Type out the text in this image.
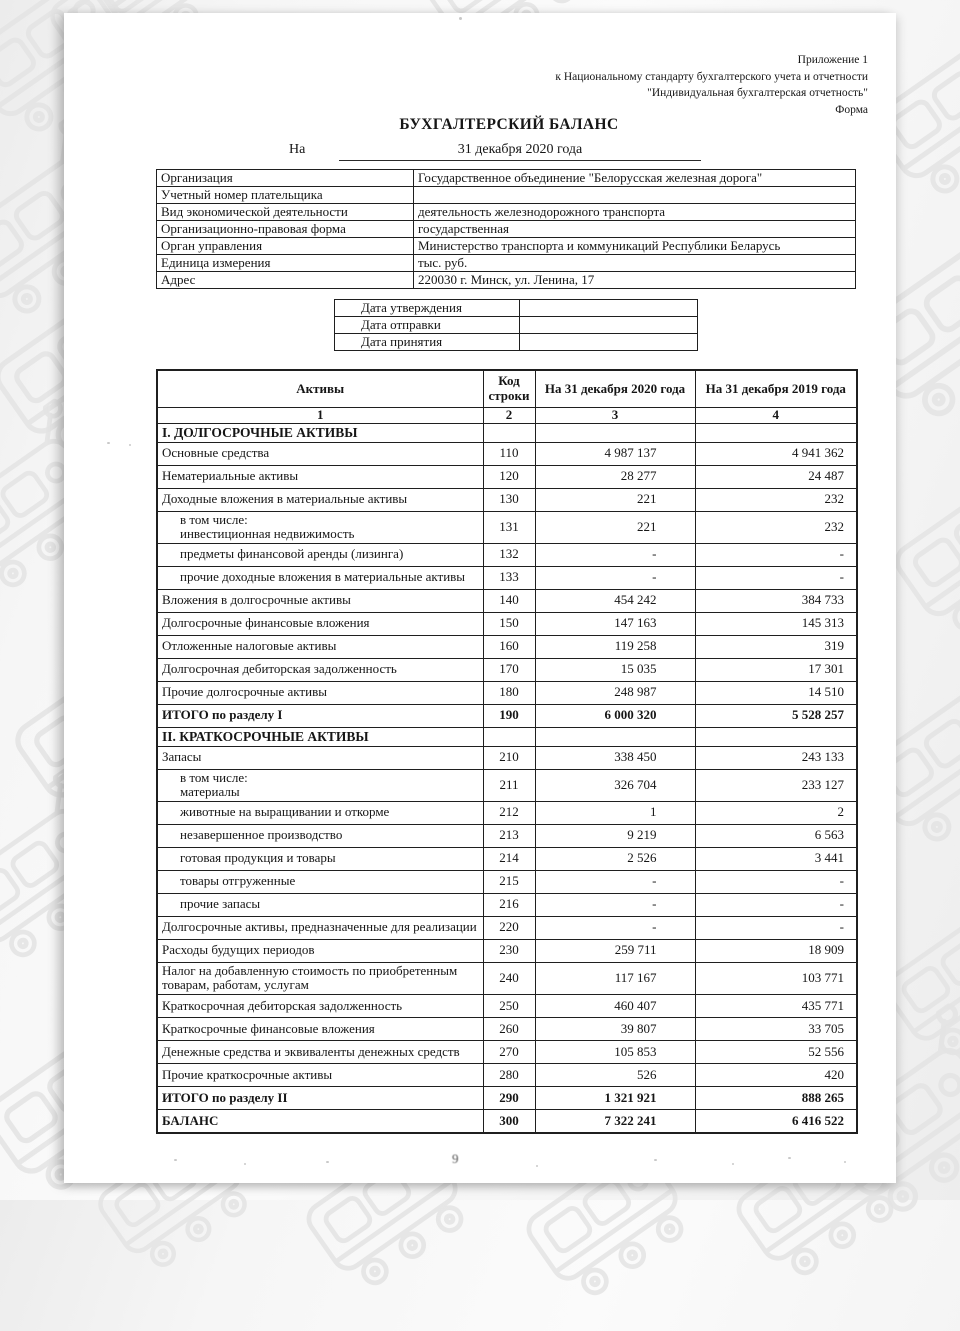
Приложение 1
к Национальному стандарту бухгалтерского учета и отчетности
"Индивидуальная бухгалтерская отчетность"
Форма
БУХГАЛТЕРСКИЙ БАЛАНС
На	31 декабря 2020 года
Организация	Государственное объединение "Белорусская железная дорога"
Учетный номер плательщика	
Вид экономической деятельности	деятельность железнодорожного транспорта
Организационно-правовая форма	государственная
Орган управления	Министерство транспорта и коммуникаций Республики Беларусь
Единица измерения	тыс. руб.
Адрес	220030 г. Минск, ул. Ленина, 17
Дата утверждения	
Дата отправки	
Дата принятия	
Активы	Код строки	На 31 декабря 2020 года	На 31 декабря 2019 года
1	2	3	4
I. ДОЛГОСРОЧНЫЕ АКТИВЫ			
Основные средства	110	4 987 137	4 941 362
Нематериальные активы	120	28 277	24 487
Доходные вложения в материальные активы	130	221	232

в том числе:
инвестиционная недвижимость	131	221	232
предметы финансовой аренды (лизинга)	132	-	-
прочие доходные вложения в материальные активы	133	-	-
Вложения в долгосрочные активы	140	454 242	384 733
Долгосрочные финансовые вложения	150	147 163	145 313
Отложенные налоговые активы	160	119 258	319
Долгосрочная дебиторская задолженность	170	15 035	17 301
Прочие долгосрочные активы	180	248 987	14 510
ИТОГО по разделу I	190	6 000 320	5 528 257
II. КРАТКОСРОЧНЫЕ АКТИВЫ			
Запасы	210	338 450	243 133

в том числе:
материалы	211	326 704	233 127
животные на выращивании и откорме	212	1	2
незавершенное производство	213	9 219	6 563
готовая продукция и товары	214	2 526	3 441
товары отгруженные	215	-	-
прочие запасы	216	-	-
Долгосрочные активы, предназначенные для реализации	220	-	-
Расходы будущих периодов	230	259 711	18 909
Налог на добавленную стоимость по приобретенным товарам, работам, услугам	240	117 167	103 771
Краткосрочная дебиторская задолженность	250	460 407	435 771
Краткосрочные финансовые вложения	260	39 807	33 705
Денежные средства и эквиваленты денежных средств	270	105 853	52 556
Прочие краткосрочные активы	280	526	420
ИТОГО по разделу II	290	1 321 921	888 265
БАЛАНС	300	7 322 241	6 416 522
9
